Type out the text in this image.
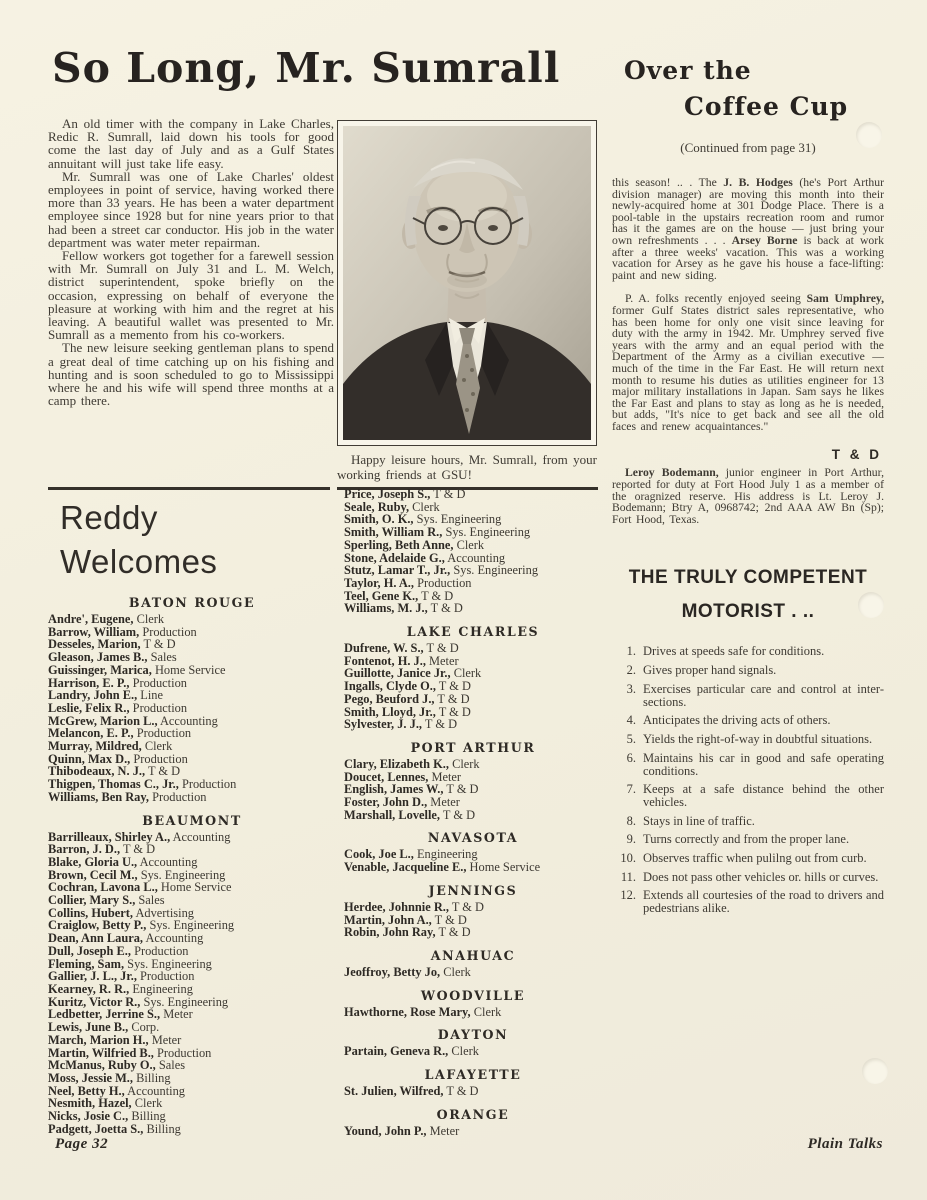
So Long, Mr. Sumrall

An old timer with the company in Lake Charles, Redic R. Sumrall, laid down his tools for good come the last day of July and as a Gulf States annuitant will just take life easy.

Mr. Sumrall was one of Lake Charles' oldest employees in point of service, having worked there more than 33 years. He has been a water department employee since 1928 but for nine years prior to that had been a street car conductor. His job in the water department was water meter repairman.

Fellow workers got together for a farewell session with Mr. Sumrall on July 31 and L. M. Welch, district superintendent, spoke briefly on the occasion, expressing on behalf of everyone the pleasure at working with him and the regret at his leaving. A beautiful wallet was presented to Mr. Sumrall as a memento from his co-workers.

The new leisure seeking gentleman plans to spend a great deal of time catching up on his fishing and hunting and is soon scheduled to go to Mississippi where he and his wife will spend three months at a camp there.

Happy leisure hours, Mr. Sumrall, from your working friends at GSU!

Reddy
Welcomes
BATON ROUGE

Andre', Eugene, Clerk

Barrow, William, Production

Desseles, Marion, T & D

Gleason, James B., Sales

Guissinger, Marica, Home Service

Harrison, E. P., Production

Landry, John E., Line

Leslie, Felix R., Production

McGrew, Marion L., Accounting

Melancon, E. P., Production

Murray, Mildred, Clerk

Quinn, Max D., Production

Thibodeaux, N. J., T & D

Thigpen, Thomas C., Jr., Production

Williams, Ben Ray, Production

BEAUMONT

Barrilleaux, Shirley A., Accounting

Barron, J. D., T & D

Blake, Gloria U., Accounting

Brown, Cecil M., Sys. Engineering

Cochran, Lavona L., Home Service

Collier, Mary S., Sales

Collins, Hubert, Advertising

Craiglow, Betty P., Sys. Engineering

Dean, Ann Laura, Accounting

Dull, Joseph E., Production

Fleming, Sam, Sys. Engineering

Gallier, J. L., Jr., Production

Kearney, R. R., Engineering

Kuritz, Victor R., Sys. Engineering

Ledbetter, Jerrine S., Meter

Lewis, June B., Corp.

March, Marion H., Meter

Martin, Wilfried B., Production

McManus, Ruby O., Sales

Moss, Jessie M., Billing

Neel, Betty H., Accounting

Nesmith, Hazel, Clerk

Nicks, Josie C., Billing

Padgett, Joetta S., Billing

Price, Joseph S., T & D

Seale, Ruby, Clerk

Smith, O. K., Sys. Engineering

Smith, William R., Sys. Engineering

Sperling, Beth Anne, Clerk

Stone, Adelaide G., Accounting

Stutz, Lamar T., Jr., Sys. Engineering

Taylor, H. A., Production

Teel, Gene K., T & D

Williams, M. J., T & D

LAKE CHARLES

Dufrene, W. S., T & D

Fontenot, H. J., Meter

Guillotte, Janice Jr., Clerk

Ingalls, Clyde O., T & D

Pego, Beuford J., T & D

Smith, Lloyd, Jr., T & D

Sylvester, J. J., T & D

PORT ARTHUR

Clary, Elizabeth K., Clerk

Doucet, Lennes, Meter

English, James W., T & D

Foster, John D., Meter

Marshall, Lovelle, T & D

NAVASOTA

Cook, Joe L., Engineering

Venable, Jacqueline E., Home Service

JENNINGS

Herdee, Johnnie R., T & D

Martin, John A., T & D

Robin, John Ray, T & D

ANAHUAC

Jeoffroy, Betty Jo, Clerk

WOODVILLE

Hawthorne, Rose Mary, Clerk

DAYTON

Partain, Geneva R., Clerk

LAFAYETTE

St. Julien, Wilfred, T & D

ORANGE

Yound, John P., Meter

Over the
Coffee Cup

(Continued from page 31)

this season! .. . The J. B. Hodges (he's Port Arthur division manager) are moving this month into their newly-acquired home at 301 Dodge Place. There is a pool-table in the upstairs recreation room and rumor has it the games are on the house — just bring your own refreshments . . . Arsey Borne is back at work after a three weeks' vacation. This was a working vacation for Arsey as he gave his house a face-lifting: paint and new siding.

P. A. folks recently enjoyed seeing Sam Umphrey, former Gulf States district sales representative, who has been home for only one visit since leaving for duty with the army in 1942. Mr. Umphrey served five years with the army and an equal period with the Department of the Army as a civilian executive — much of the time in the Far East. He will return next month to resume his duties as utilities engineer for 13 major military installations in Japan. Sam says he likes the Far East and plans to stay as long as he is needed, but adds, "It's nice to get back and see all the old faces and renew acquaintances."

T & D

Leroy Bodemann, junior engineer in Port Arthur, reported for duty at Fort Hood July 1 as a member of the oragnized reserve. His address is Lt. Leroy J. Bodemann; Btry A, 0968742; 2nd AAA AW Bn (Sp); Fort Hood, Texas.

THE TRULY COMPETENT
MOTORIST . ..
1. Drives at speeds safe for conditions.
2. Gives proper hand signals.
3. Exercises particular care and control at inter-sections.
4. Anticipates the driving acts of others.
5. Yields the right-of-way in doubtful situations.
6. Maintains his car in good and safe operating conditions.
7. Keeps at a safe distance behind the other vehicles.
8. Stays in line of traffic.
9. Turns correctly and from the proper lane.
10. Observes traffic when pulilng out from curb.
11. Does not pass other vehicles or. hills or curves.
12. Extends all courtesies of the road to drivers and pedestrians alike.

Page 32	Plain Talks
